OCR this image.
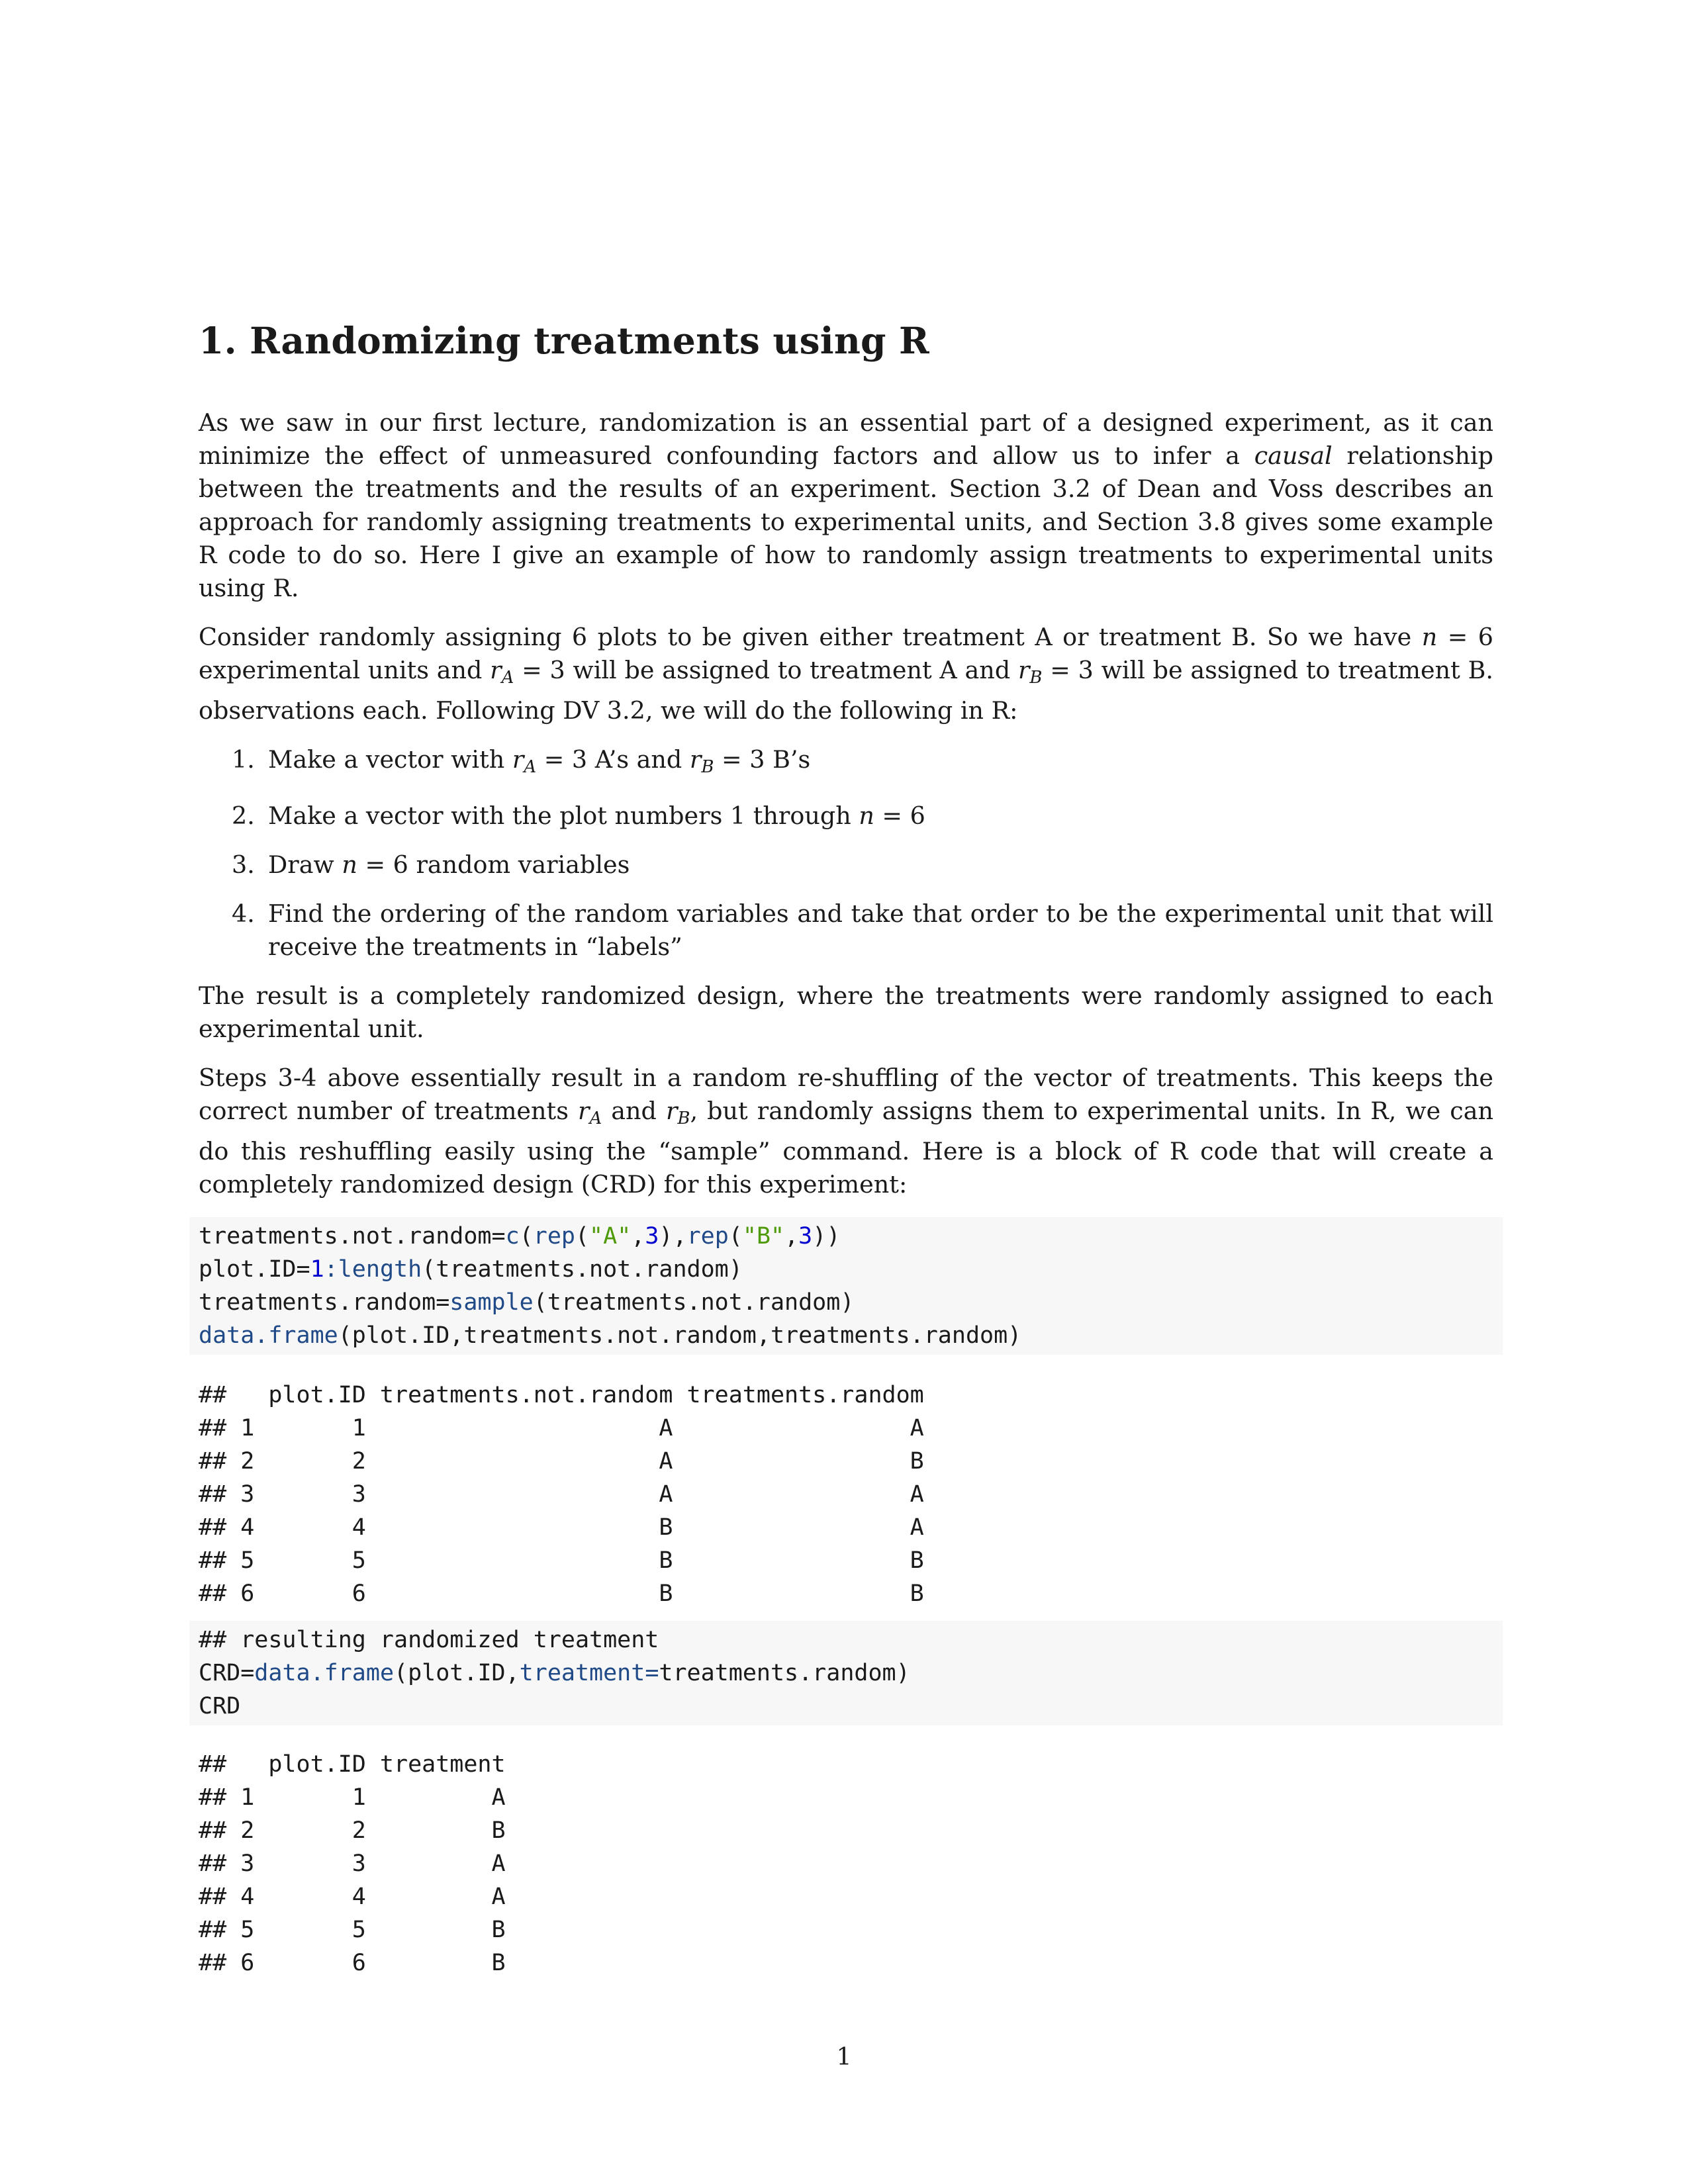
1. Randomizing treatments using R

As we saw in our first lecture, randomization is an essential part of a designed experiment, as it can minimize the effect of unmeasured confounding factors and allow us to infer a causal relationship between the treatments and the results of an experiment. Section 3.2 of Dean and Voss describes an approach for randomly assigning treatments to experimental units, and Section 3.8 gives some example R code to do so. Here I give an example of how to randomly assign treatments to experimental units using R.

Consider randomly assigning 6 plots to be given either treatment A or treatment B. So we have n = 6 experimental units and $r_A = 3$ will be assigned to treatment A and $r_B = 3$ will be assigned to treatment B. observations each. Following DV 3.2, we will do the following in R:

1. Make a vector with $r_A = 3$ A’s and $r_B = 3$ B’s
2. Make a vector with the plot numbers 1 through n = 6
3. Draw n = 6 random variables
4. Find the ordering of the random variables and take that order to be the experimental unit that will receive the treatments in “labels”

The result is a completely randomized design, where the treatments were randomly assigned to each experimental unit.

Steps 3-4 above essentially result in a random re-shuffling of the vector of treatments. This keeps the correct number of treatments $r_A$ and $r_B$, but randomly assigns them to experimental units. In R, we can do this reshuffling easily using the “sample” command. Here is a block of R code that will create a completely randomized design (CRD) for this experiment:

treatments.not.random=c(rep("A",3),rep("B",3))
plot.ID=1:length(treatments.not.random)
treatments.random=sample(treatments.not.random)
data.frame(plot.ID,treatments.not.random,treatments.random)
##   plot.ID treatments.not.random treatments.random
## 1       1                     A                 A
## 2       2                     A                 B
## 3       3                     A                 A
## 4       4                     B                 A
## 5       5                     B                 B
## 6       6                     B                 B
## resulting randomized treatment
CRD=data.frame(plot.ID,treatment=treatments.random)
CRD
##   plot.ID treatment
## 1       1         A
## 2       2         B
## 3       3         A
## 4       4         A
## 5       5         B
## 6       6         B
1
